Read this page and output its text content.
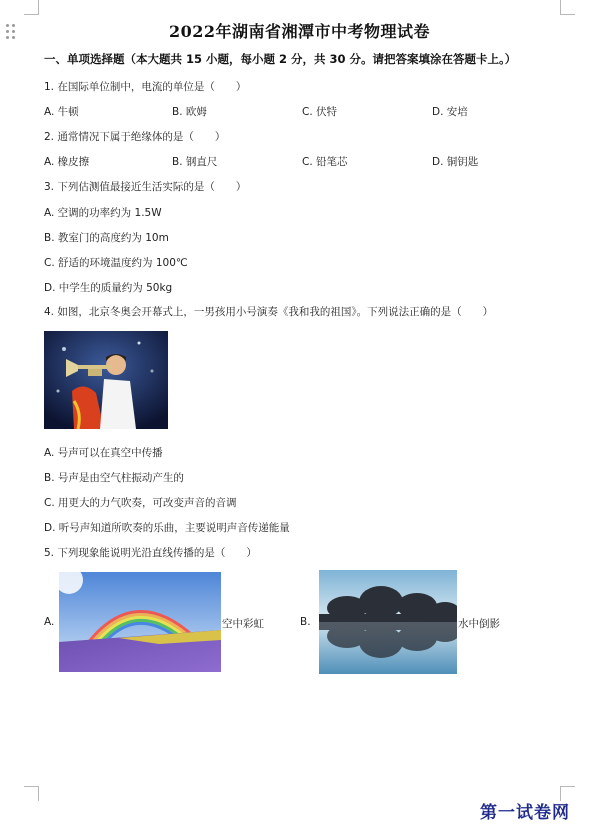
2022年湖南省湘潭市中考物理试卷
一、单项选择题（本大题共 15 小题，每小题 2 分，共 30 分。请把答案填涂在答题卡上。）
1. 在国际单位制中，电流的单位是（　　）
A. 牛顿	B. 欧姆	C. 伏特	D. 安培
2. 通常情况下属于绝缘体的是（　　）
A. 橡皮擦	B. 钢直尺	C. 铅笔芯	D. 铜钥匙
3. 下列估测值最接近生活实际的是（　　）
A. 空调的功率约为 1.5W
B. 教室门的高度约为 10m
C. 舒适的环境温度约为 100℃
D. 中学生的质量约为 50kg
4. 如图，北京冬奥会开幕式上，一男孩用小号演奏《我和我的祖国》。下列说法正确的是（　　）
A. 号声可以在真空中传播
B. 号声是由空气柱振动产生的
C. 用更大的力气吹奏，可改变声音的音调
D. 听号声知道所吹奏的乐曲，主要说明声音传递能量
5. 下列现象能说明光沿直线传播的是（　　）
A.	空中彩虹	B.	水中倒影
第一试卷网
